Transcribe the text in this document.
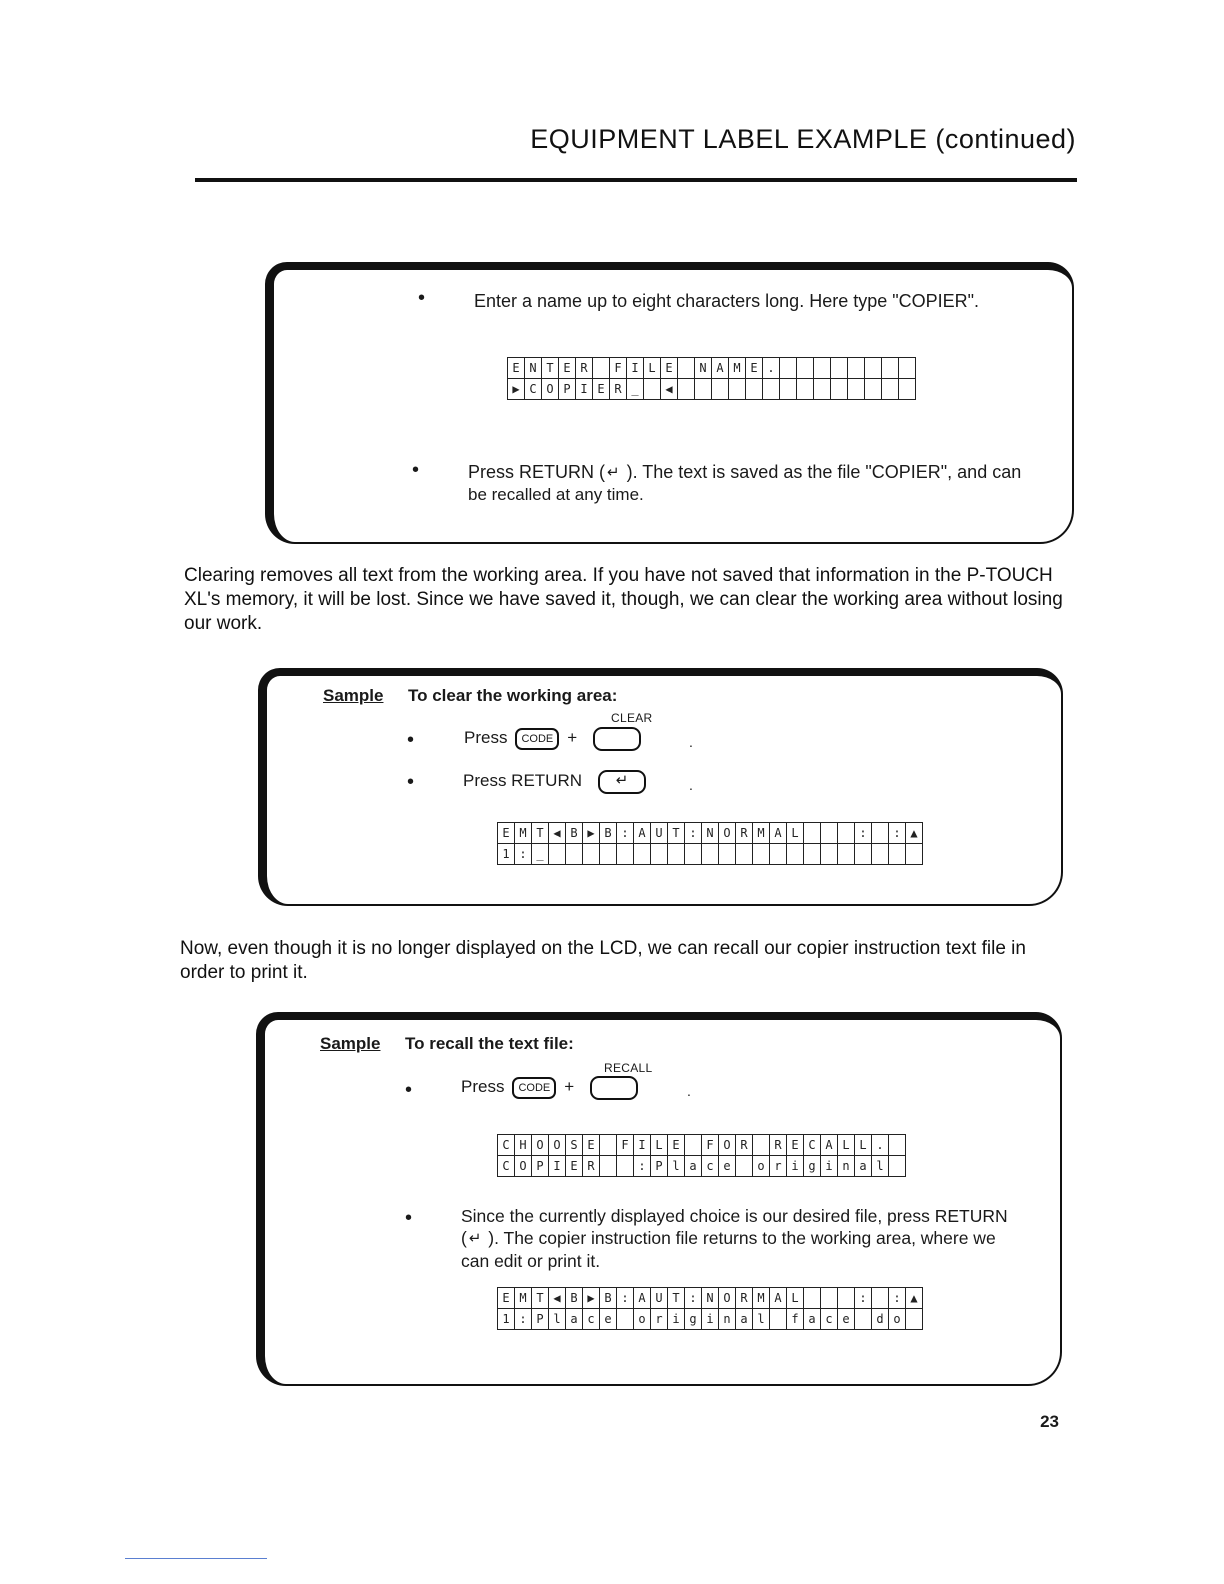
EQUIPMENT LABEL EXAMPLE (continued)
•	Enter a name up to eight characters long. Here type "COPIER".
E N T E R	F I L E	N A M E .
▶ C O P I E R _	◀
•	Press RETURN ( ↵ ). The text is saved as the file "COPIER", and can
be recalled at any time.
Clearing removes all text from the working area. If you have not saved that information in the P-TOUCH
XL's memory, it will be lost. Since we have saved it, though, we can clear the working area without losing
our work.
Sample To clear the working area:
CLEAR
•	Press CODE +	.
•	Press RETURN ↵	.
E M T ◀ B ▶ B : A U T : N O R M A L	:	: ▲
1 : _
Now, even though it is no longer displayed on the LCD, we can recall our copier instruction text file in
order to print it.
Sample To recall the text file:
RECALL
•	Press CODE +	.
C H O O S E	F I L E	F O R	R E C A L L .
C O P I E R	: P l a c e	o r i g i n a l
•	Since the currently displayed choice is our desired file, press RETURN
( ↵ ). The copier instruction file returns to the working area, where we
can edit or print it.
E M T ◀ B ▶ B : A U T : N O R M A L	:	: ▲
1 : P l a c e	o r i g i n a l	f a c e	d o
23
